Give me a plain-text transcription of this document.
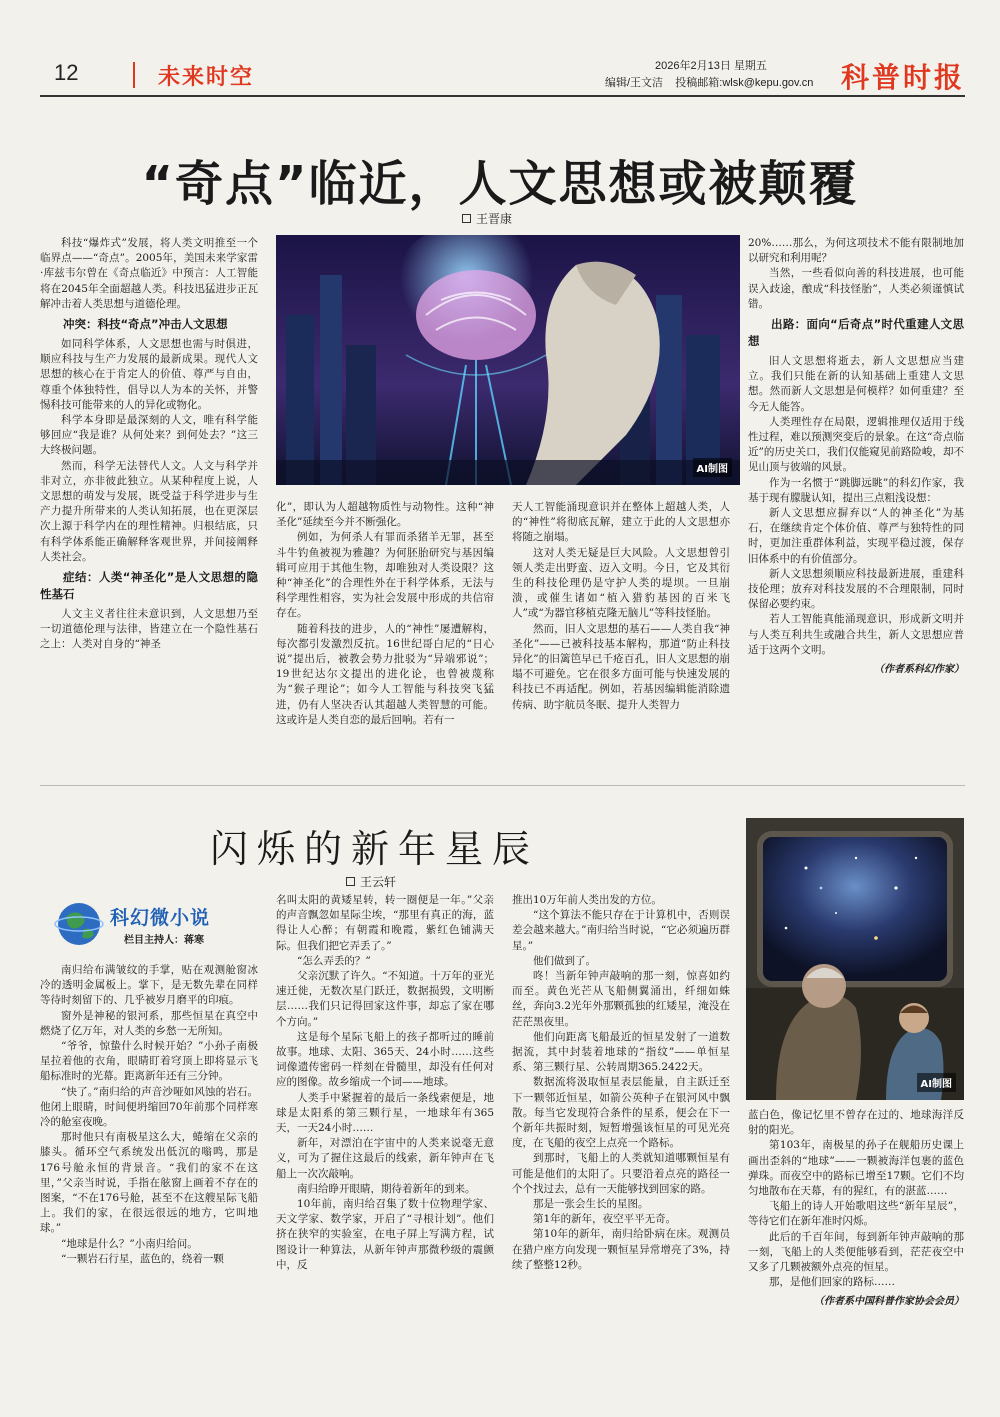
12	未来时空	2026年2月13日 星期五
编辑/王文洁 投稿邮箱:wlsk@kepu.gov.cn 科普时报
“奇点”临近，人文思想或被颠覆
王晋康

科技“爆炸式”发展，将人类文明推至一个临界点——“奇点”。2005年，美国未来学家雷·库兹韦尔曾在《奇点临近》中预言：人工智能将在2045年全面超越人类。科技迅猛进步正瓦解冲击着人类思想与道德伦理。

冲突：科技“奇点”冲击人文思想

如同科学体系，人文思想也需与时俱进，顺应科技与生产力发展的最新成果。现代人文思想的核心在于肯定人的价值、尊严与自由，尊重个体独特性，倡导以人为本的关怀，并警惕科技可能带来的人的异化或物化。

科学本身即是最深刻的人文，唯有科学能够回应“我是谁？从何处来？到何处去？”这三大终极问题。

然而，科学无法替代人文。人文与科学并非对立，亦非彼此独立。从某种程度上说，人文思想的萌发与发展，既受益于科学进步与生产力提升所带来的人类认知拓展，也在更深层次上源于科学内在的理性精神。归根结底，只有科学体系能正确解释客观世界，并间接阐释人类社会。

症结：人类“神圣化”是人文思想的隐性基石

人文主义者往往未意识到，人文思想乃至一切道德伦理与法律，皆建立在一个隐性基石之上：人类对自身的“神圣

AI制图

化”，即认为人超越物质性与动物性。这种“神圣化”延续至今并不断强化。

例如，为何杀人有罪而杀猪羊无罪，甚至斗牛钓鱼被视为雅趣？为何胚胎研究与基因编辑可应用于其他生物，却唯独对人类设限？这种“神圣化”的合理性外在于科学体系，无法与科学理性相容，实为社会发展中形成的共信帘存在。

随着科技的进步，人的“神性”屡遭解构，每次都引发激烈反抗。16世纪哥白尼的“日心说”提出后，被教会势力批驳为“异端邪说”；19世纪达尔文提出的进化论，也曾被蔑称为“猴子理论”；如今人工智能与科技突飞猛进，仍有人坚决否认其超越人类智慧的可能。这或许是人类自恋的最后回响。若有一

天人工智能涌现意识并在整体上超越人类，人的“神性”将彻底瓦解，建立于此的人文思想亦将随之崩塌。

这对人类无疑是巨大风险。人文思想曾引领人类走出野蛮、迈入文明。今日，它及其衍生的科技伦理仍是守护人类的堤坝。一旦崩溃，或催生诸如“植入猎豹基因的百米飞人”或“为器官移植克隆无脑儿”等科技怪胎。

然而，旧人文思想的基石——人类自我“神圣化”——已被科技基本解构，那道“防止科技异化”的旧篱笆早已千疮百孔，旧人文思想的崩塌不可避免。它在很多方面可能与快速发展的科技已不再适配。例如，若基因编辑能消除遗传病、助宇航员冬眠、提升人类智力

20%……那么，为何这项技术不能有限制地加以研究和利用呢？

当然，一些看似向善的科技进展，也可能误入歧途，酿成“科技怪胎”，人类必须谨慎试错。

出路：面向“后奇点”时代重建人文思想

旧人文思想将逝去，新人文思想应当建立。我们只能在新的认知基础上重建人文思想。然而新人文思想是何模样？如何重建？至今无人能答。

人类理性存在局限，逻辑推理仅适用于线性过程，难以预测突变后的景象。在这“奇点临近”的历史关口，我们仅能窥见前路险峻，却不见山顶与彼端的风景。

作为一名惯于“跳脚远眺”的科幻作家，我基于现有朦胧认知，提出三点粗浅设想：

新人文思想应摒弃以“人的神圣化”为基石，在继续肯定个体价值、尊严与独特性的同时，更加注重群体利益，实现平稳过渡，保存旧体系中的有价值部分。

新人文思想须顺应科技最新进展，重建科技伦理；放弃对科技发展的不合理限制，同时保留必要约束。

若人工智能真能涌现意识，形成新文明并与人类互利共生或融合共生，新人文思想应普适于这两个文明。

（作者系科幻作家）

闪烁的新年星辰
王云轩
科幻微小说
栏目主持人：蒋寒

南归给布满皱纹的手掌，贴在观测舱窗冰冷的透明金属板上。掌下，是无数先辈在同样等待时刻留下的、几乎被岁月磨平的印痕。

窗外是神秘的银河系，那些恒星在真空中燃烧了亿万年，对人类的乡愁一无所知。

“爷爷，惊蛰什么时候开始？”小孙子南极星拉着他的衣角，眼睛盯着穹顶上即将显示飞船标准时的光幕。距离新年还有三分钟。

“快了。”南归给的声音沙哑如风蚀的岩石。他闭上眼睛，时间便坍缩回70年前那个同样寒冷的舱室夜晚。

那时他只有南极星这么大，蜷缩在父亲的膝头。循环空气系统发出低沉的嗡鸣，那是176号舱永恒的背景音。“我们的家不在这里，”父亲当时说，手指在舷窗上画着不存在的图案，“不在176号舱，甚至不在这艘星际飞船上。我们的家，在很远很远的地方，它叫地球。”

“地球是什么？”小南归给问。

“一颗岩石行星，蓝色的，绕着一颗

名叫太阳的黄矮星转，转一圈便是一年。”父亲的声音飘忽如星际尘埃，“那里有真正的海，蓝得让人心醉；有朝霞和晚霞，紫红色铺满天际。但我们把它弄丢了。”

“怎么弄丢的？”

父亲沉默了许久。“不知道。十万年的亚光速迁徙，无数次星门跃迁，数据损毁，文明断层……我们只记得回家这件事，却忘了家在哪个方向。”

这是每个星际飞船上的孩子都听过的睡前故事。地球、太阳、365天、24小时……这些词像遗传密码一样刻在骨髓里，却没有任何对应的图像。故乡缩成一个词——地球。

人类手中紧握着的最后一条线索便是，地球是太阳系的第三颗行星，一地球年有365天，一天24小时……

新年，对漂泊在宇宙中的人类来说毫无意义，可为了握住这最后的线索，新年钟声在飞船上一次次敲响。

南归给睁开眼睛，期待着新年的到来。

10年前，南归给召集了数十位物理学家、天文学家、数学家，开启了“寻根计划”。他们挤在狭窄的实验室，在电子屏上写满方程，试图设计一种算法，从新年钟声那微秒级的震颤中，反

推出10万年前人类出发的方位。

“这个算法不能只存在于计算机中，否则误差会越来越大。”南归给当时说，“它必须遍历群星。”

他们做到了。

咚！当新年钟声敲响的那一刻，惊喜如约而至。黄色光芒从飞船侧翼涌出，纤细如蛛丝，奔向3.2光年外那颗孤独的红矮星，淹没在茫茫黑夜里。

他们向距离飞船最近的恒星发射了一道数据流，其中封装着地球的“指纹”——单恒星系、第三颗行星、公转周期365.2422天。

数据流将汲取恒星表层能量，自主跃迁至下一颗邻近恒星，如箭公英种子在银河风中飘散。每当它发现符合条件的星系，便会在下一个新年共振时刻，短暂增强该恒星的可见光亮度，在飞船的夜空上点亮一个路标。

到那时，飞船上的人类就知道哪颗恒星有可能是他们的太阳了。只要沿着点亮的路径一个个找过去，总有一天能够找到回家的路。

那是一张会生长的星图。

第1年的新年，夜空平平无奇。

第10年的新年，南归给卧病在床。观测员在猎户座方向发现一颗恒星异常增亮了3%，持续了整整12秒。

AI制图

蓝白色，像记忆里不曾存在过的、地球海洋反射的阳光。

第103年，南极星的孙子在舰船历史课上画出歪斜的“地球”——一颗被海洋包裹的蓝色弹珠。而夜空中的路标已增至17颗。它们不均匀地散布在天幕，有的猩红，有的湛蓝……

飞船上的诗人开始歌唱这些“新年星辰”，等待它们在新年准时闪烁。

此后的千百年间，每到新年钟声敲响的那一刻，飞船上的人类便能够看到，茫茫夜空中又多了几颗被额外点亮的恒星。

那，是他们回家的路标……

（作者系中国科普作家协会会员）
